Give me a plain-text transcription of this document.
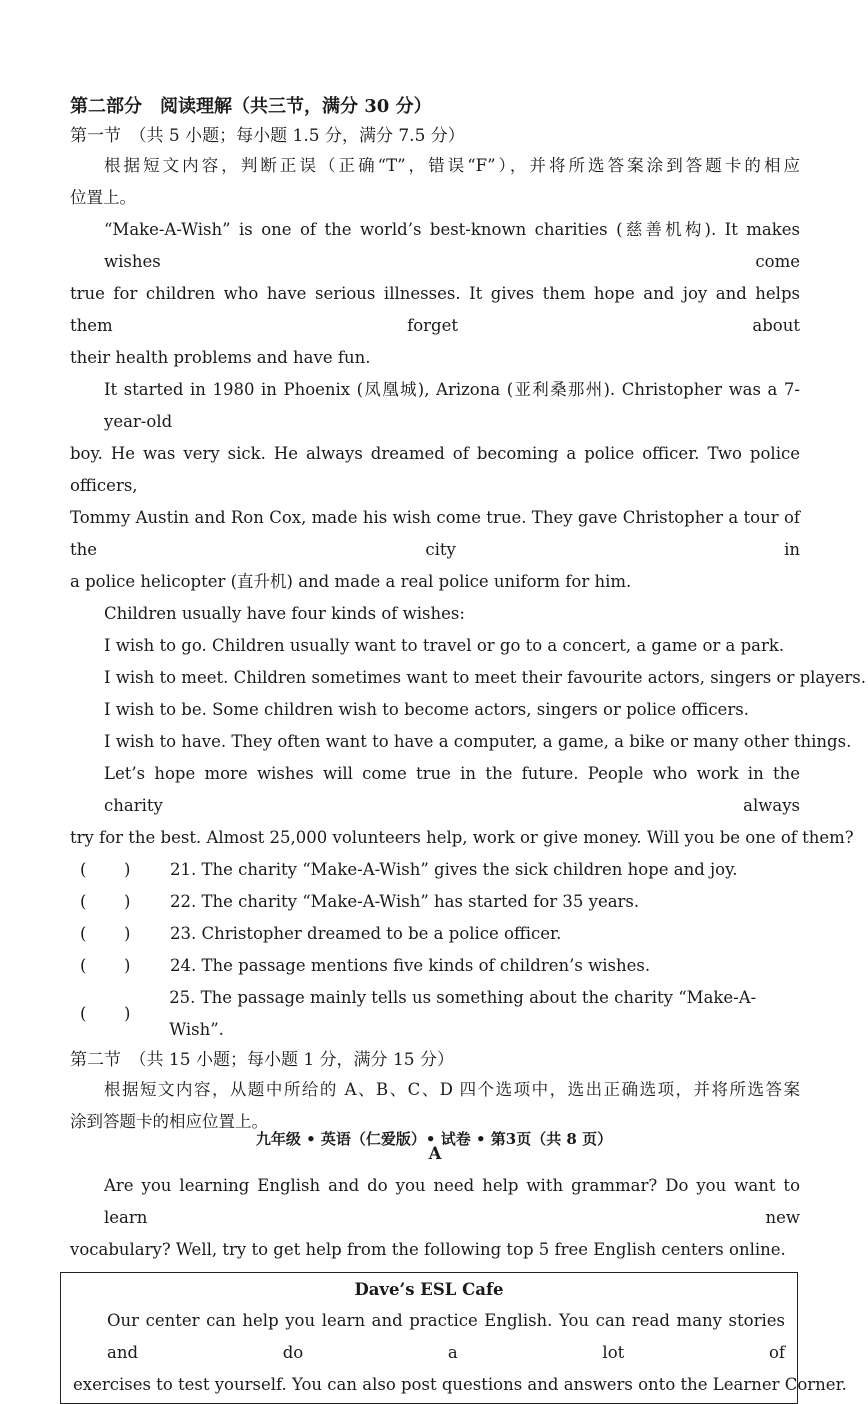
第二部分　阅读理解（共三节，满分 30 分）
第一节　（共 5 小题；每小题 1.5 分，满分 7.5 分）
根据短文内容，判断正误（正确“T”，错误“F”），并将所选答案涂到答题卡的相应
位置上。
“Make-A-Wish” is one of the world’s best-known charities (慈善机构). It makes wishes come
true for children who have serious illnesses. It gives them hope and joy and helps them forget about
their health problems and have fun.
It started in 1980 in Phoenix (凤凰城), Arizona (亚利桑那州). Christopher was a 7-year-old
boy. He was very sick. He always dreamed of becoming a police officer. Two police officers,
Tommy Austin and Ron Cox, made his wish come true. They gave Christopher a tour of the city in
a police helicopter (直升机) and made a real police uniform for him.
Children usually have four kinds of wishes:
I wish to go. Children usually want to travel or go to a concert, a game or a park.
I wish to meet. Children sometimes want to meet their favourite actors, singers or players.
I wish to be. Some children wish to become actors, singers or police officers.
I wish to have. They often want to have a computer, a game, a bike or many other things.
Let’s hope more wishes will come true in the future. People who work in the charity always
try for the best. Almost 25,000 volunteers help, work or give money. Will you be one of them?
( ) 21. The charity “Make-A-Wish” gives the sick children hope and joy.
( ) 22. The charity “Make-A-Wish” has started for 35 years.
( ) 23. Christopher dreamed to be a police officer.
( ) 24. The passage mentions five kinds of children’s wishes.
( )
25. The passage mainly tells us something about the charity “Make-A-Wish”.
第二节　（共 15 小题；每小题 1 分，满分 15 分）
根据短文内容，从题中所给的 A、B、C、D 四个选项中，选出正确选项，并将所选答案
涂到答题卡的相应位置上。
A
Are you learning English and do you need help with grammar? Do you want to learn new
vocabulary? Well, try to get help from the following top 5 free English centers online.
Dave’s ESL Cafe
Our center can help you learn and practice English. You can read many stories and do a lot of
exercises to test yourself. You can also post questions and answers onto the Learner Corner.
九年级 • 英语（仁爱版）• 试卷 • 第3页（共 8 页）
